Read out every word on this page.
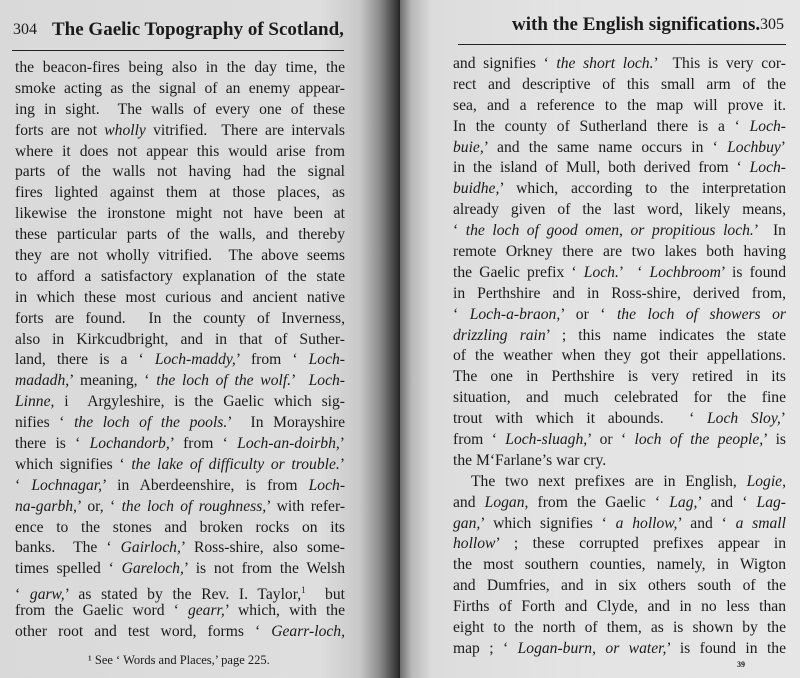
304 The Gaelic Topography of Scotland,
the beacon-fires being also in the day time, the
smoke acting as the signal of an enemy appear-
ing in sight.  The walls of every one of these
forts are not wholly vitrified.  There are intervals
where it does not appear this would arise from
parts of the walls not having had the signal
fires lighted against them at those places, as
likewise the ironstone might not have been at
these particular parts of the walls, and thereby
they are not wholly vitrified.  The above seems
to afford a satisfactory explanation of the state
in which these most curious and ancient native
forts are found.  In the county of Inverness,
also in Kirkcudbright, and in that of Suther-
land, there is a ‘ Loch-maddy,’ from ‘ Loch-
madadh,’ meaning, ‘ the loch of the wolf.’  Loch-
Linne, i  Argyleshire, is the Gaelic which sig-
nifies ‘ the loch of the pools.’  In Morayshire
there is ‘ Lochandorb,’ from ‘ Loch-an-doirbh,’
which signifies ‘ the lake of difficulty or trouble.’
‘ Lochnagar,’ in Aberdeenshire, is from Loch-
na-garbh,’ or, ‘ the loch of roughness,’ with refer-
ence to the stones and broken rocks on its
banks.  The ‘ Gairloch,’ Ross-shire, also some-
times spelled ‘ Gareloch,’ is not from the Welsh
‘ garw,’ as stated by the Rev. I. Taylor,$^1$  but
from the Gaelic word ‘ gearr,’ which, with the
other root and test word, forms ‘ Gearr-loch,
¹ See ‘ Words and Places,’ page 225.
with the English significations. 305
and signifies ‘ the short loch.’  This is very cor-
rect and descriptive of this small arm of the
sea, and a reference to the map will prove it.
In the county of Sutherland there is a ‘ Loch-
buie,’ and the same name occurs in ‘ Lochbuy’
in the island of Mull, both derived from ‘ Loch-
buidhe,’ which, according to the interpretation
already given of the last word, likely means,
‘ the loch of good omen, or propitious loch.’  In
remote Orkney there are two lakes both having
the Gaelic prefix ‘ Loch.’  ‘ Lochbroom’ is found
in Perthshire and in Ross-shire, derived from,
‘ Loch-a-braon,’ or ‘ the loch of showers or
drizzling rain’ ; this name indicates the state
of the weather when they got their appellations.
The one in Perthshire is very retired in its
situation, and much celebrated for the fine
trout with which it abounds.  ‘ Loch Sloy,’
from ‘ Loch-sluagh,’ or ‘ loch of the people,’ is
the M‘Farlane’s war cry.
The two next prefixes are in English, Logie,
and Logan, from the Gaelic ‘ Lag,’ and ‘ Lag-
gan,’ which signifies ‘ a hollow,’ and ‘ a small
hollow’ ; these corrupted prefixes appear in
the most southern counties, namely, in Wigton
and Dumfries, and in six others south of the
Firths of Forth and Clyde, and in no less than
eight to the north of them, as is shown by the
map ; ‘ Logan-burn, or water,’ is found in the
39
